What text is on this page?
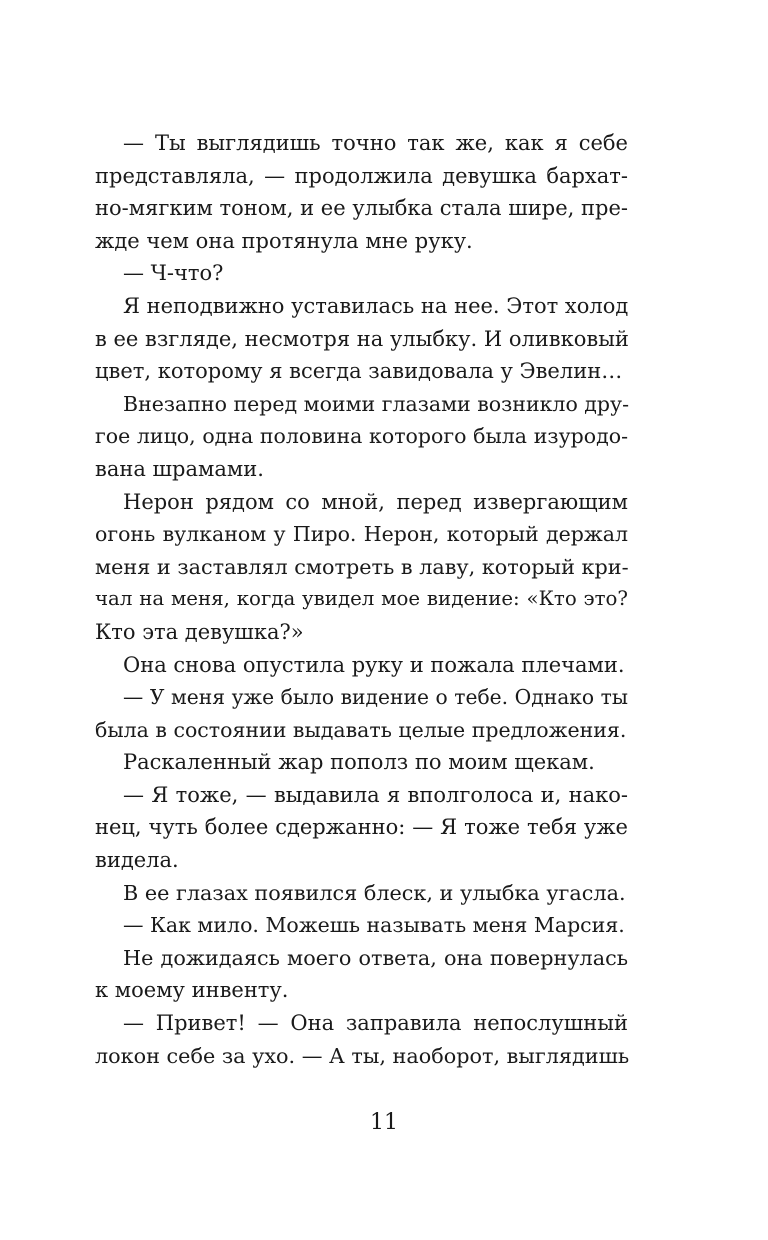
— Ты выглядишь точно так же, как я себе
представляла, — продолжила девушка бархат-
но-мягким тоном, и ее улыбка стала шире, пре-
жде чем она протянула мне руку.
— Ч-что?
Я неподвижно уставилась на нее. Этот холод
в ее взгляде, несмотря на улыбку. И оливковый
цвет, которому я всегда завидовала у Эвелин…
Внезапно перед моими глазами возникло дру-
гое лицо, одна половина которого была изуродо-
вана шрамами.
Нерон рядом со мной, перед извергающим
огонь вулканом у Пиро. Нерон, который держал
меня и заставлял смотреть в лаву, который кри-
чал на меня, когда увидел мое видение: «Кто это?
Кто эта девушка?»
Она снова опустила руку и пожала плечами.
— У меня уже было видение о тебе. Однако ты
была в состоянии выдавать целые предложения.
Раскаленный жар пополз по моим щекам.
— Я тоже, — выдавила я вполголоса и, нако-
нец, чуть более сдержанно: — Я тоже тебя уже
видела.
В ее глазах появился блеск, и улыбка угасла.
— Как мило. Можешь называть меня Марсия.
Не дожидаясь моего ответа, она повернулась
к моему инвенту.
— Привет! — Она заправила непослушный
локон себе за ухо. — А ты, наоборот, выглядишь
11
